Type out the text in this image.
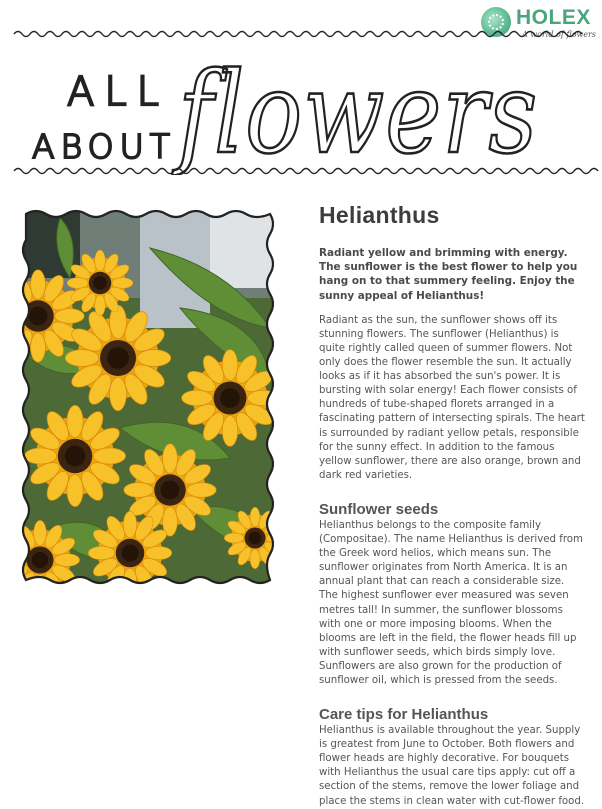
HOLEX
A world of flowers
ALL
ABOUT
flowers
Helianthus

Radiant yellow and brimming with energy. The sunflower is the best flower to help you hang on to that summery feeling. Enjoy the sunny appeal of Helianthus!

Radiant as the sun, the sunflower shows off its stunning flowers. The sunflower (Helianthus) is quite rightly called queen of summer flowers. Not only does the flower resemble the sun. It actually looks as if it has absorbed the sun's power. It is bursting with solar energy! Each flower consists of hundreds of tube-shaped florets arranged in a fascinating pattern of intersecting spirals. The heart is surrounded by radiant yellow petals, responsible for the sunny effect. In addition to the famous yellow sunflower, there are also orange, brown and dark red varieties.

Sunflower seeds

Helianthus belongs to the composite family (Compositae). The name Helianthus is derived from the Greek word helios, which means sun. The sunflower originates from North America. It is an annual plant that can reach a considerable size. The highest sunflower ever measured was seven metres tall! In summer, the sunflower blossoms with one or more imposing blooms. When the blooms are left in the field, the flower heads fill up with sunflower seeds, which birds simply love. Sunflowers are also grown for the production of sunflower oil, which is pressed from the seeds.

Care tips for Helianthus

Helianthus is available throughout the year. Supply is greatest from June to October. Both flowers and flower heads are highly decorative. For bouquets with Helianthus the usual care tips apply: cut off a section of the stems, remove the lower foliage and place the stems in clean water with cut-flower food.
